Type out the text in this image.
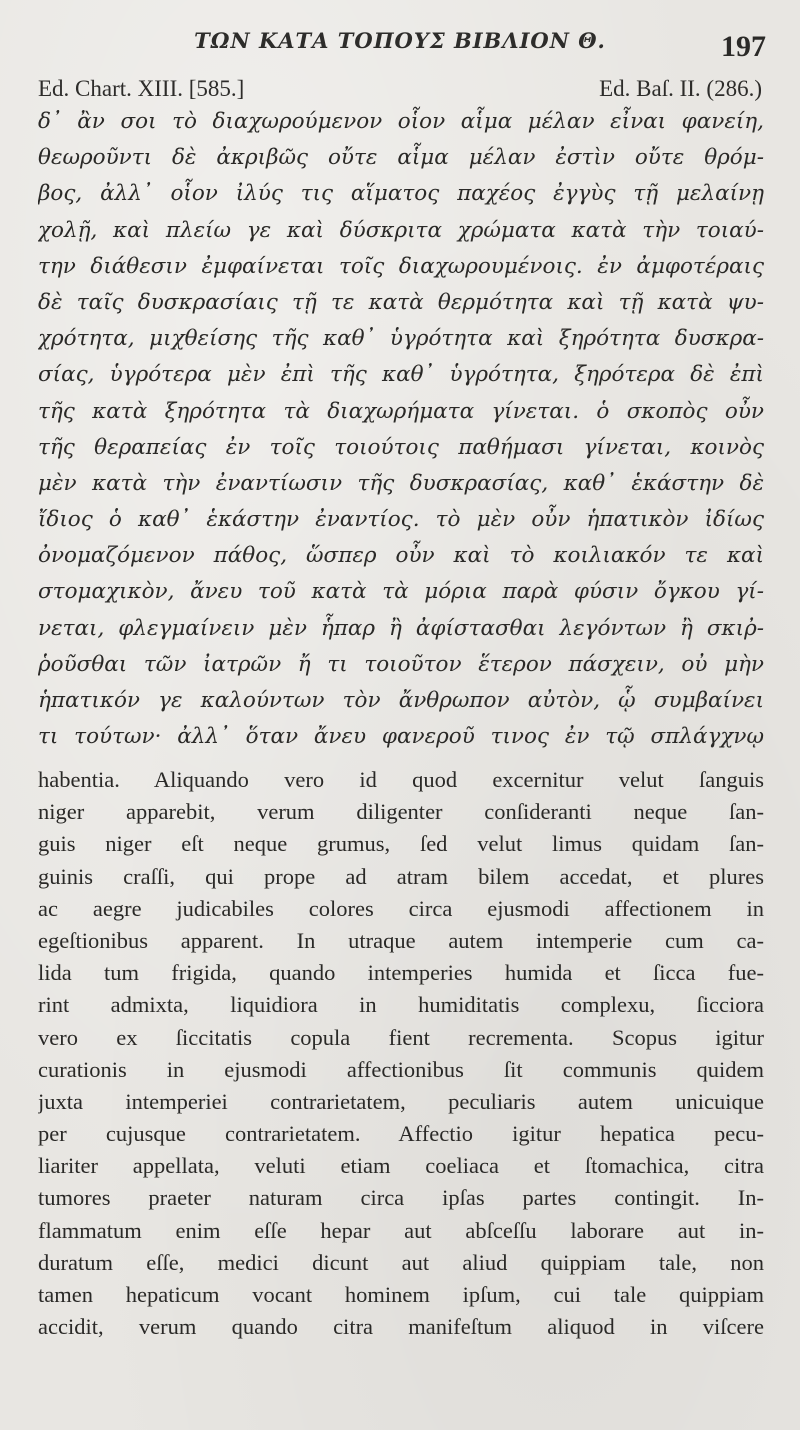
ΤΩΝ ΚΑΤΑ ΤΟΠΟΥΣ ΒΙΒΛΙΟΝ Θ.	197
Ed. Chart. XIII. [585.]	Ed. Baſ. II. (286.)
δ᾽ ἂν σοι τὸ διαχωρούμενον οἷον αἷμα μέλαν εἶναι φανείη,
θεωροῦντι δὲ ἀκριβῶς οὔτε αἷμα μέλαν ἐστὶν οὔτε θρόμ-
βος, ἀλλ᾽ οἷον ἰλύς τις αἵματος παχέος ἐγγὺς τῇ μελαίνῃ
χολῇ, καὶ πλείω γε καὶ δύσκριτα χρώματα κατὰ τὴν τοιαύ-
την διάθεσιν ἐμφαίνεται τοῖς διαχωρουμένοις. ἐν ἀμφοτέραις
δὲ ταῖς δυσκρασίαις τῇ τε κατὰ θερμότητα καὶ τῇ κατὰ ψυ-
χρότητα, μιχθείσης τῆς καθ᾽ ὑγρότητα καὶ ξηρότητα δυσκρα-
σίας, ὑγρότερα μὲν ἐπὶ τῆς καθ᾽ ὑγρότητα, ξηρότερα δὲ ἐπὶ
τῆς κατὰ ξηρότητα τὰ διαχωρήματα γίνεται. ὁ σκοπὸς οὖν
τῆς θεραπείας ἐν τοῖς τοιούτοις παθήμασι γίνεται, κοινὸς
μὲν κατὰ τὴν ἐναντίωσιν τῆς δυσκρασίας, καθ᾽ ἑκάστην δὲ
ἴδιος ὁ καθ᾽ ἑκάστην ἐναντίος. τὸ μὲν οὖν ἡπατικὸν ἰδίως
ὀνομαζόμενον πάθος, ὥσπερ οὖν καὶ τὸ κοιλιακόν τε καὶ
στομαχικὸν, ἄνευ τοῦ κατὰ τὰ μόρια παρὰ φύσιν ὄγκου γί-
νεται, φλεγμαίνειν μὲν ἧπαρ ἢ ἀφίστασθαι λεγόντων ἢ σκιῤ-
ῥοῦσθαι τῶν ἰατρῶν ἤ τι τοιοῦτον ἕτερον πάσχειν, οὐ μὴν
ἡπατικόν γε καλούντων τὸν ἄνθρωπον αὐτὸν, ᾧ συμβαίνει
τι τούτων· ἀλλ᾽ ὅταν ἄνευ φανεροῦ τινος ἐν τῷ σπλάγχνῳ
habentia. Aliquando vero id quod excernitur velut ſanguis
niger apparebit, verum diligenter conſideranti neque ſan-
guis niger eſt neque grumus, ſed velut limus quidam ſan-
guinis craſſi, qui prope ad atram bilem accedat, et plures
ac aegre judicabiles colores circa ejusmodi affectionem in
egeſtionibus apparent. In utraque autem intemperie cum ca-
lida tum frigida, quando intemperies humida et ſicca fue-
rint admixta, liquidiora in humiditatis complexu, ſicciora
vero ex ſiccitatis copula fient recrementa. Scopus igitur
curationis in ejusmodi affectionibus ſit communis quidem
juxta intemperiei contrarietatem, peculiaris autem unicuique
per cujusque contrarietatem. Affectio igitur hepatica pecu-
liariter appellata, veluti etiam coeliaca et ſtomachica, citra
tumores praeter naturam circa ipſas partes contingit. In-
flammatum enim eſſe hepar aut abſceſſu laborare aut in-
duratum eſſe, medici dicunt aut aliud quippiam tale, non
tamen hepaticum vocant hominem ipſum, cui tale quippiam
accidit, verum quando citra manifeſtum aliquod in viſcere
